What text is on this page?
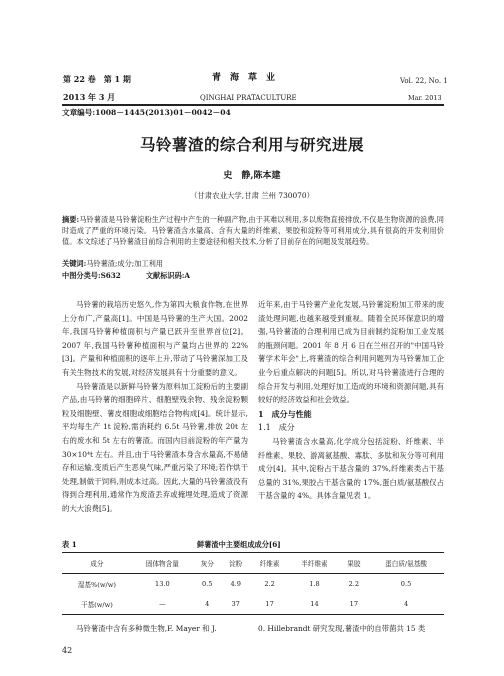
第 22 卷　第 1 期
2013 年 3 月
青　海　草　业
QINGHAI PRATACULTURE
Vol. 22, No. 1
Mar. 2013
文章编号:1008－1445(2013)01－0042－04
马铃薯渣的综合利用与研究进展
史　静,陈本建
（甘肃农业大学,甘肃 兰州 730070）
摘要:马铃薯渣是马铃薯淀粉生产过程中产生的一种副产物,由于其难以利用,多以废物直接排放,不仅是生物资源的浪费,同时造成了严重的环境污染。马铃薯渣含水量高、含有大量的纤维素、果胶和淀粉等可利用成分,具有很高的开发利用价值。本文综述了马铃薯渣目前综合利用的主要途径和相关技术,分析了目前存在的问题及发展趋势。
关键词:马铃薯渣;成分;加工利用
中图分类号:S632	文献标识码:A

马铃薯的栽培历史悠久,作为第四大粮食作物,在世界上分布广,产量高[1]。中国是马铃薯的生产大国。2002 年,我国马铃薯种植面积与产量已跃升至世界首位[2]。2007 年,我国马铃薯种植面积与产量均占世界的 22%[3]。产量和种植面积的逐年上升,带动了马铃薯深加工及有关生物技术的发展,对经济发展具有十分重要的意义。

马铃薯渣是以新鲜马铃薯为原料加工淀粉后的主要副产品,由马铃薯的细胞碎片、细胞壁残余物、残余淀粉颗粒及细胞壁、薯皮细胞或细胞结合物构成[4]。统计显示,平均每生产 1t 淀粉,需消耗约 6.5t 马铃薯,排放 20t 左右的废水和 5t 左右的薯渣。而国内目前淀粉的年产量为 30×10⁴t 左右。并且,由于马铃薯渣本身含水量高,不易储存和运输,变质后产生恶臭气味,严重污染了环境;若作烘干处理,制做干饲料,则成本过高。因此,大量的马铃薯渣没有得到合理利用,通常作为废渣丢弃或掩埋处理,造成了资源的大大浪费[5]。

近年来,由于马铃薯产业化发展,马铃薯淀粉加工带来的废渣处理问题,也越来越受到重视。随着全民环保意识的增强,马铃薯渣的合理利用已成为目前制约淀粉加工业发展的瓶颈问题。2001 年 8 月 6 日在兰州召开的"中国马铃薯学术年会"上,将薯渣的综合利用问题列为马铃薯加工企业今后重点解决的问题[5]。所以,对马铃薯渣进行合理的综合开发与利用,处理好加工造成的环境和资源问题,具有较好的经济效益和社会效益。

1　成分与性能
1.1　成分

马铃薯渣含水量高,化学成分包括淀粉、纤维素、半纤维素、果胶、游离氨基酸、寡肽、多肽和灰分等可利用成分[4]。其中,淀粉占干基含量的 37%,纤维素类占干基总量的 31%,果胶占干基含量的 17%,蛋白质/氨基酸仅占干基含量的 4%。具体含量见表 1。

表 1	鲜薯渣中主要组成成分[6]
成分	固体物含量	灰分	淀粉	纤维素	半纤维素	果胶	蛋白质/氨基酸
湿基%(w/w)	13.0	0.5	4.9	2.2	1.8	2.2	0.5
干基(w/w)	—	4	37	17	14	17	4

马铃薯渣中含有多种微生物,F. Mayer 和 J.	0. Hillebrandt 研究发现,薯渣中的自带菌共 15 类
42
